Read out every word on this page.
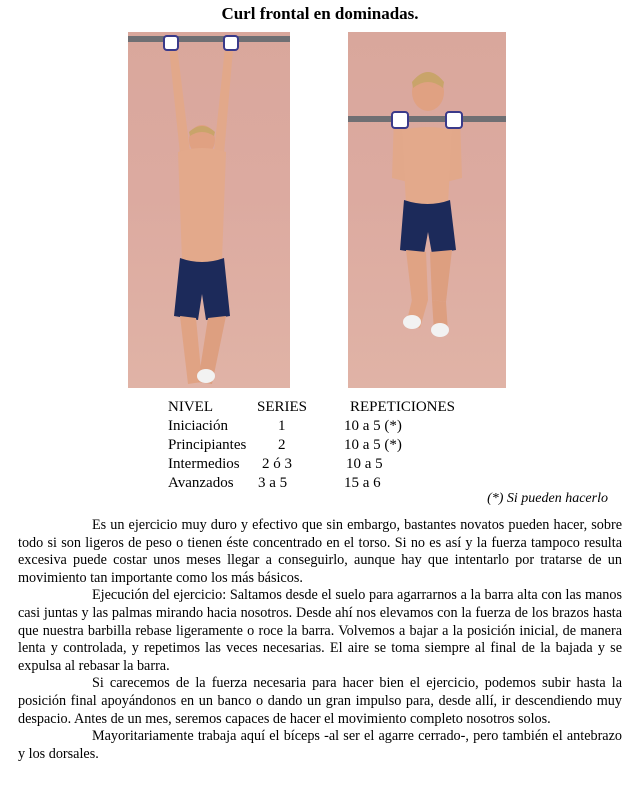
Curl frontal en dominadas.
NIVEL	SERIES	REPETICIONES
Iniciación	1	10 a 5 (*)
Principiantes 2	10 a 5 (*)
Intermedios 2 ó 3	10 a 5
Avanzados 3 a 5	15 a 6
(*) Si pueden hacerlo

Es un ejercicio muy duro y efectivo que sin embargo, bastantes novatos pueden hacer, sobre todo si son ligeros de peso o tienen éste concentrado en el torso. Si no es así y la fuerza tampoco resulta excesiva puede costar unos meses llegar a conseguirlo, aunque hay que intentarlo por tratarse de un movimiento tan importante como los más básicos.

Ejecución del ejercicio: Saltamos desde el suelo para agarrarnos a la barra alta con las manos casi juntas y las palmas mirando hacia nosotros. Desde ahí nos elevamos con la fuerza de los brazos hasta que nuestra barbilla rebase ligeramente o roce la barra. Volvemos a bajar a la posición inicial, de manera lenta y controlada, y repetimos las veces necesarias. El aire se toma siempre al final de la bajada y se expulsa al rebasar la barra.

Si carecemos de la fuerza necesaria para hacer bien el ejercicio, podemos subir hasta la posición final apoyándonos en un banco o dando un gran impulso para, desde allí, ir descendiendo muy despacio. Antes de un mes, seremos capaces de hacer el movimiento completo nosotros solos.

Mayoritariamente trabaja aquí el bíceps -al ser el agarre cerrado-, pero también el antebrazo y los dorsales.
